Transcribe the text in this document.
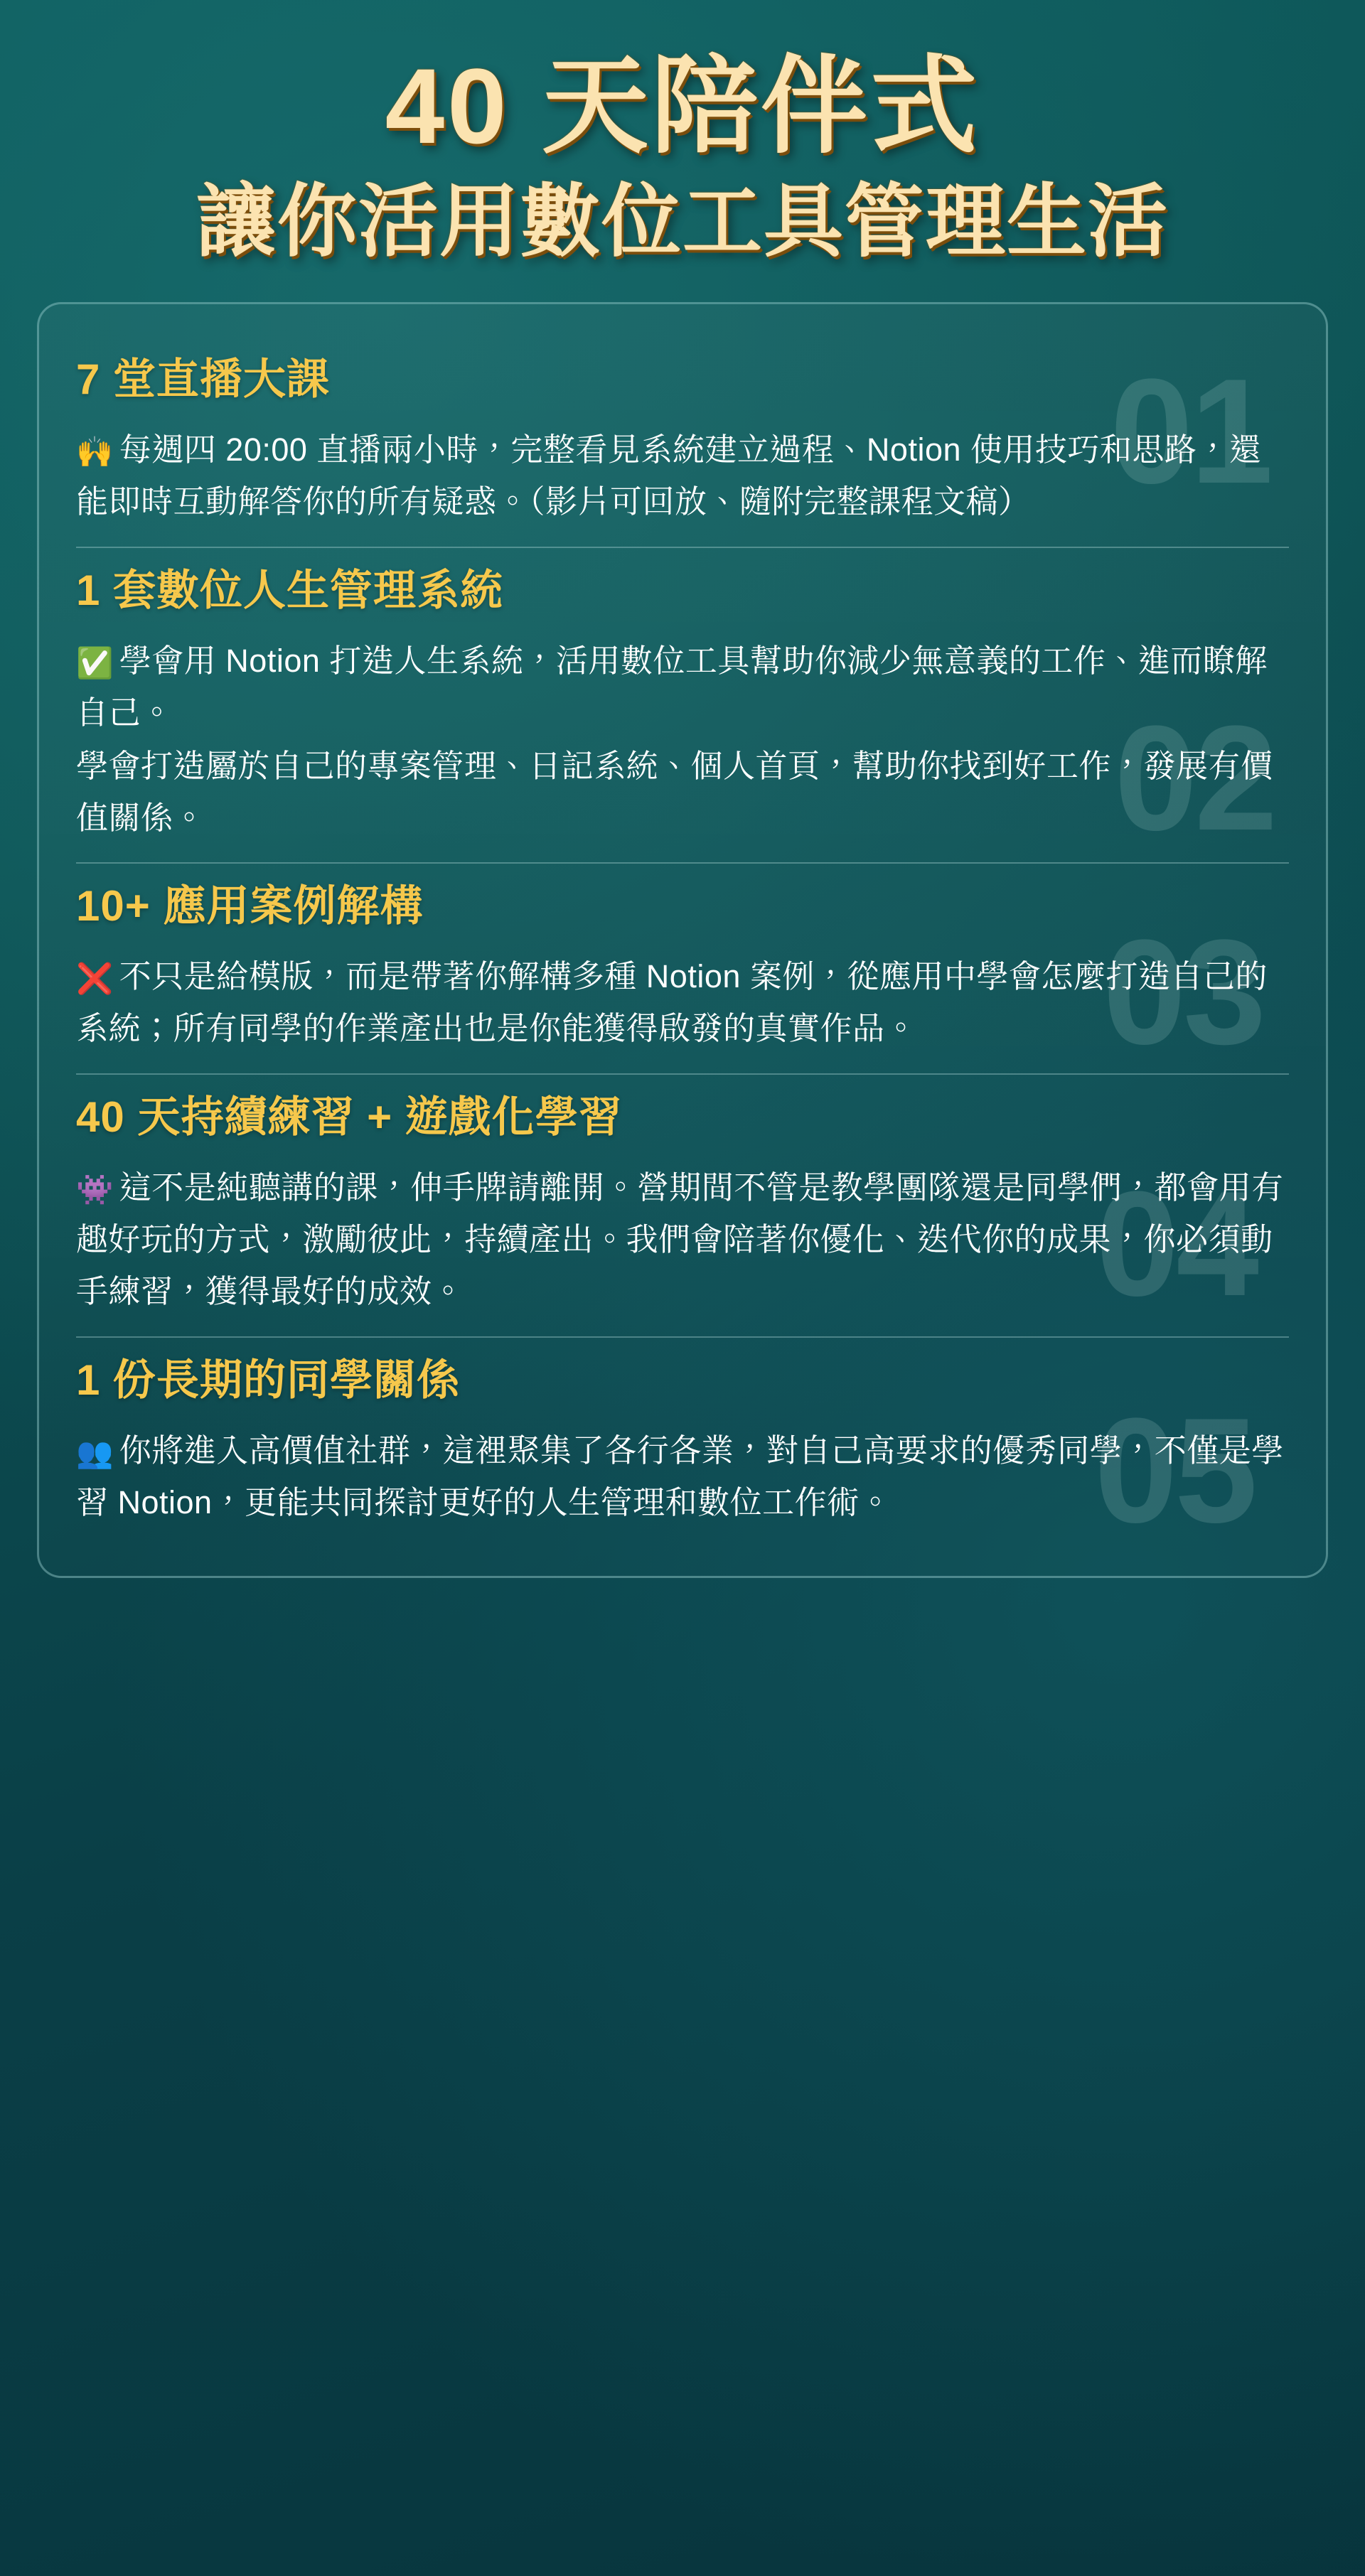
40 天陪伴式
讓你活用數位工具管理生活
01
7 堂直播大課

🙌 每週四 20:00 直播兩小時，完整看見系統建立過程、Notion 使用技巧和思路，還能即時互動解答你的所有疑惑。（影片可回放、隨附完整課程文稿）

02
1 套數位人生管理系統

✅ 學會用 Notion 打造人生系統，活用數位工具幫助你減少無意義的工作、進而瞭解自己。

學會打造屬於自己的專案管理、日記系統、個人首頁，幫助你找到好工作，發展有價值關係。

03
10+ 應用案例解構

❌ 不只是給模版，而是帶著你解構多種 Notion 案例，從應用中學會怎麼打造自己的系統；所有同學的作業產出也是你能獲得啟發的真實作品。

04
40 天持續練習 + 遊戲化學習

👾 這不是純聽講的課，伸手牌請離開。營期間不管是教學團隊還是同學們，都會用有趣好玩的方式，激勵彼此，持續產出。我們會陪著你優化、迭代你的成果，你必須動手練習，獲得最好的成效。

05
1 份長期的同學關係

👥 你將進入高價值社群，這裡聚集了各行各業，對自己高要求的優秀同學，不僅是學習 Notion，更能共同探討更好的人生管理和數位工作術。
